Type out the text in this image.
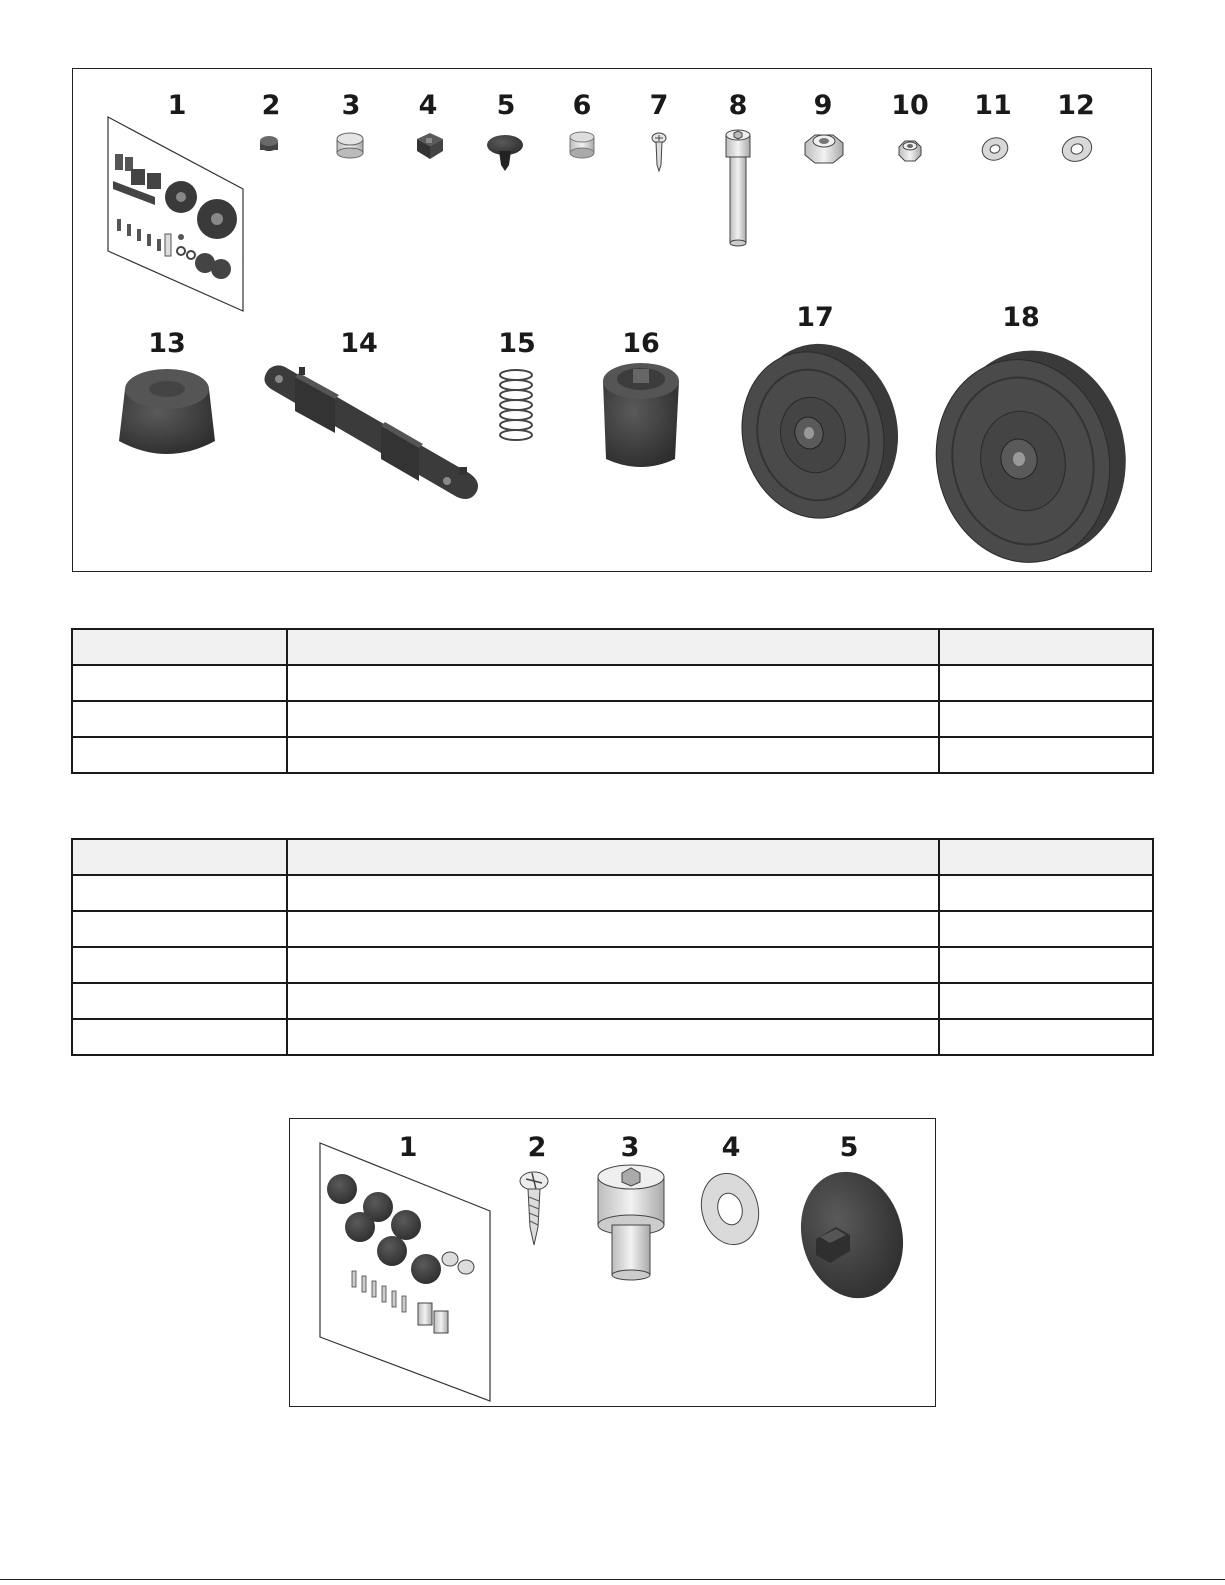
1	2 3 4 5 6 7 8 9 10 11 12
13	14	15	16
17	18

1	2	3	4	5
